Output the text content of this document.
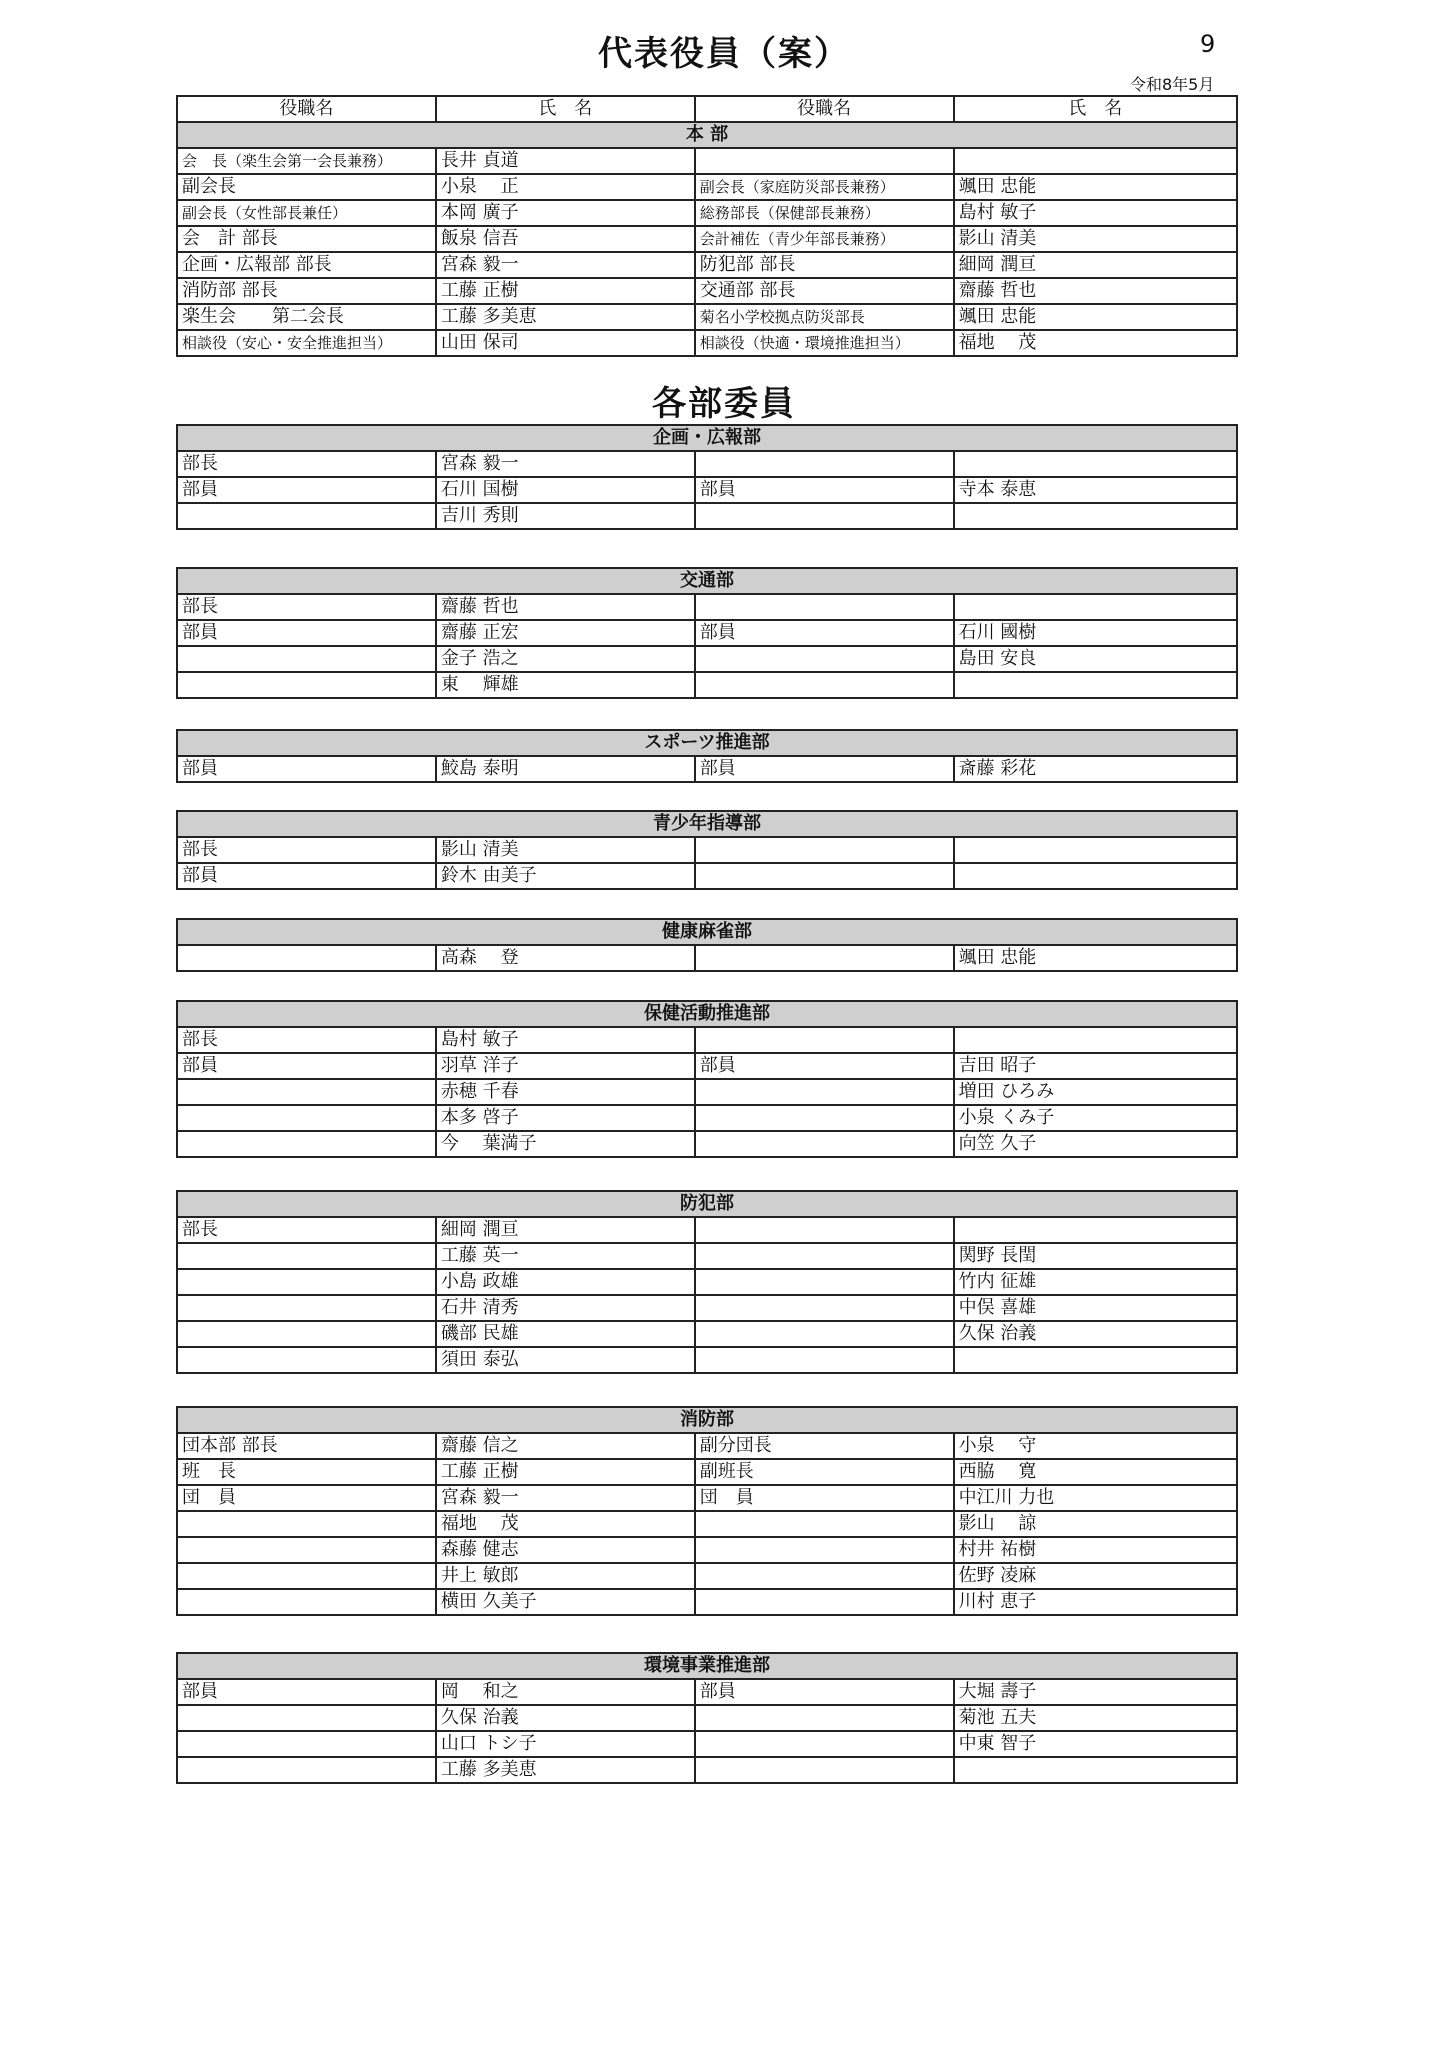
代表役員（案）	9
令和8年5月
役職名	氏　名	役職名	氏　名
本 部			
会　長（楽生会第一会長兼務）	長井 貞道		
副会長	小泉　 正	副会長（家庭防災部長兼務）	颯田 忠能
副会長（女性部長兼任）	本岡 廣子	総務部長（保健部長兼務）	島村 敏子
会　計 部長	飯泉 信吾	会計補佐（青少年部長兼務）	影山 清美
企画・広報部 部長	宮森 毅一	防犯部 部長	細岡 潤亘
消防部 部長	工藤 正樹	交通部 部長	齋藤 哲也
楽生会　　第二会長	工藤 多美恵	菊名小学校拠点防災部長	颯田 忠能
相談役（安心・安全推進担当）	山田 保司	相談役（快適・環境推進担当）	福地　 茂
各部委員
企画・広報部			
部長	宮森 毅一		
部員	石川 国樹	部員	寺本 泰恵
	吉川 秀則		
交通部			
部長	齋藤 哲也		
部員	齋藤 正宏	部員	石川 國樹
	金子 浩之		島田 安良
	東　 輝雄		
スポーツ推進部
部員	鮫島 泰明	部員	斎藤 彩花
青少年指導部			
部長	影山 清美		
部員	鈴木 由美子		
健康麻雀部
	高森　 登		颯田 忠能
保健活動推進部			
部長	島村 敏子		
部員	羽草 洋子	部員	吉田 昭子
	赤穂 千春		増田 ひろみ
	本多 啓子		小泉 くみ子
	今　 葉満子		向笠 久子
防犯部			
部長	細岡 潤亘		
	工藤 英一		関野 長閏
	小島 政雄		竹内 征雄
	石井 清秀		中俣 喜雄
	磯部 民雄		久保 治義
	須田 泰弘		
消防部			
団本部 部長	齋藤 信之	副分団長	小泉　 守
班　長	工藤 正樹	副班長	西脇　 寛
団　員	宮森 毅一	団　員	中江川 力也
	福地　 茂		影山　 諒
	森藤 健志		村井 祐樹
	井上 敏郎		佐野 凌麻
	横田 久美子		川村 恵子
環境事業推進部			
部員	岡　 和之	部員	大堀 壽子
	久保 治義		菊池 五夫
	山口 トシ子		中東 智子
	工藤 多美恵		
